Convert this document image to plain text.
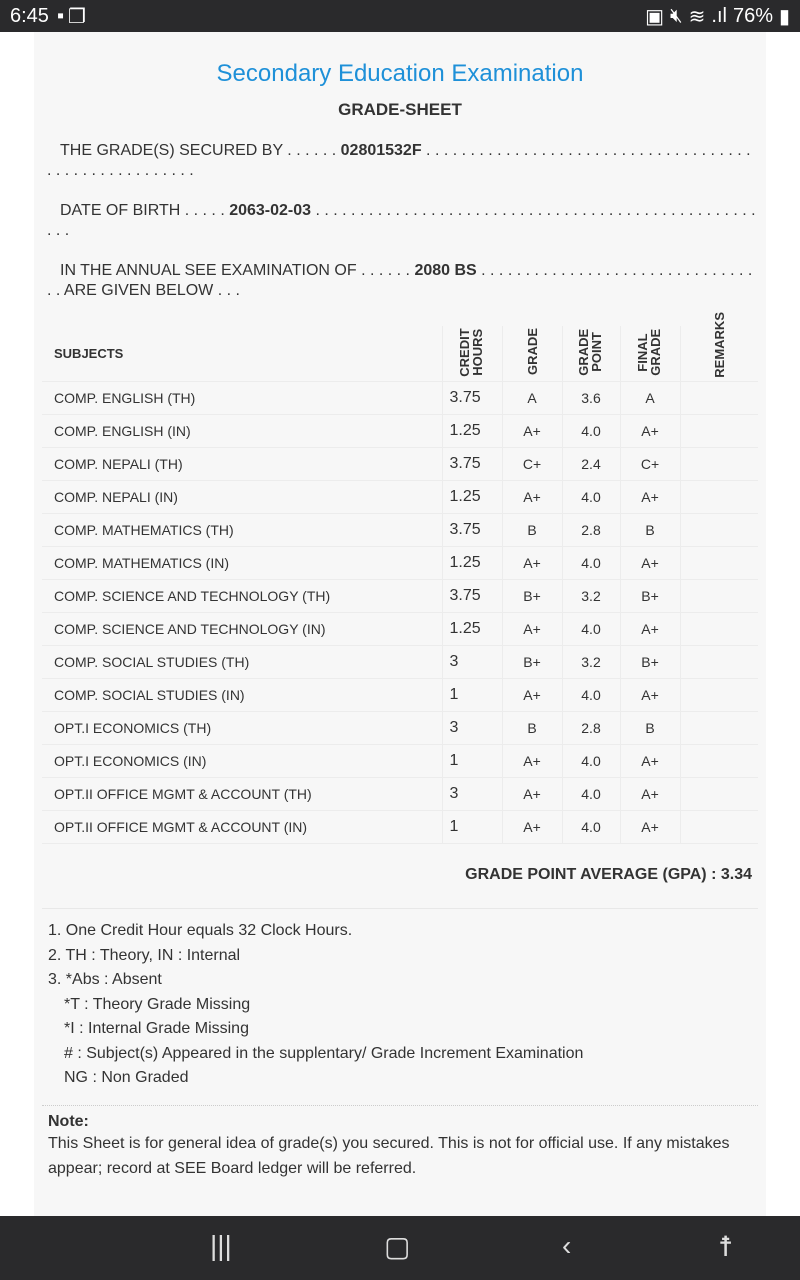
6:45 ▪ ❐	▣ 🔇︎ ≋ .ıl 76% ▮
Secondary Education Examination
GRADE-SHEET
THE GRADE(S) SECURED BY . . . . . . 02801532F . . . . . . . . . . . . . . . . . . . . . . . . . . . . . . . . . . . . . . . . . . . . . . . . . . . . . .
DATE OF BIRTH . . . . . 2063-02-03 . . . . . . . . . . . . . . . . . . . . . . . . . . . . . . . . . . . . . . . . . . . . . . . . . . . . .
IN THE ANNUAL SEE EXAMINATION OF . . . . . . 2080 BS . . . . . . . . . . . . . . . . . . . . . . . . . . . . . . . . . ARE GIVEN BELOW . . .
SUBJECTS	CREDIT HOURS	GRADE	GRADE POINT	FINAL GRADE	REMARKS
COMP. ENGLISH (TH)	3.75	A	3.6	A	
COMP. ENGLISH (IN)	1.25	A+	4.0	A+	
COMP. NEPALI (TH)	3.75	C+	2.4	C+	
COMP. NEPALI (IN)	1.25	A+	4.0	A+	
COMP. MATHEMATICS (TH)	3.75	B	2.8	B	
COMP. MATHEMATICS (IN)	1.25	A+	4.0	A+	
COMP. SCIENCE AND TECHNOLOGY (TH)	3.75	B+	3.2	B+	
COMP. SCIENCE AND TECHNOLOGY (IN)	1.25	A+	4.0	A+	
COMP. SOCIAL STUDIES (TH)	3	B+	3.2	B+	
COMP. SOCIAL STUDIES (IN)	1	A+	4.0	A+	
OPT.I ECONOMICS (TH)	3	B	2.8	B	
OPT.I ECONOMICS (IN)	1	A+	4.0	A+	
OPT.II OFFICE MGMT & ACCOUNT (TH)	3	A+	4.0	A+	
OPT.II OFFICE MGMT & ACCOUNT (IN)	1	A+	4.0	A+	
GRADE POINT AVERAGE (GPA) : 3.34
1. One Credit Hour equals 32 Clock Hours.
2. TH : Theory, IN : Internal
3. *Abs : Absent
*T : Theory Grade Missing
*I : Internal Grade Missing
# : Subject(s) Appeared in the supplentary/ Grade Increment Examination
NG : Non Graded
Note:
This Sheet is for general idea of grade(s) you secured. This is not for official use. If any mistakes appear; record at SEE Board ledger will be referred.
|||	▢	‹	☨
